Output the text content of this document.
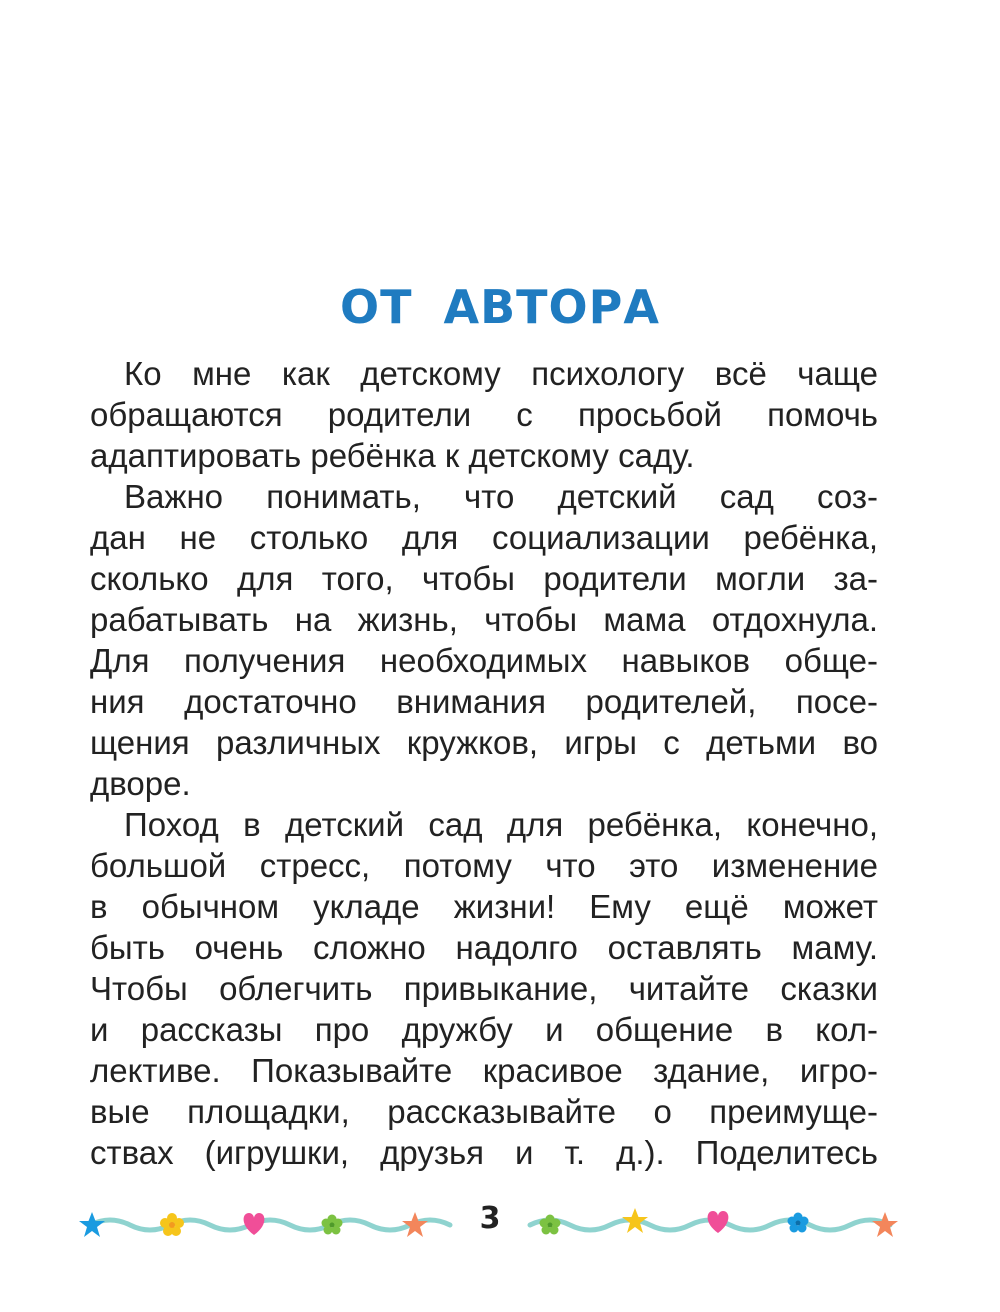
ОТ АВТОРА
Ко мне как детскому психологу всё чаще
обращаются родители с просьбой помочь
адаптировать ребёнка к детскому саду.
Важно понимать, что детский сад соз-
дан не столько для социализации ребёнка,
сколько для того, чтобы родители могли за-
рабатывать на жизнь, чтобы мама отдохнула.
Для получения необходимых навыков обще-
ния достаточно внимания родителей, посе-
щения различных кружков, игры с детьми во
дворе.
Поход в детский сад для ребёнка, конечно,
большой стресс, потому что это изменение
в обычном укладе жизни! Ему ещё может
быть очень сложно надолго оставлять маму.
Чтобы облегчить привыкание, читайте сказки
и рассказы про дружбу и общение в кол-
лективе. Показывайте красивое здание, игро-
вые площадки, рассказывайте о преимуще-
ствах (игрушки, друзья и т. д.). Поделитесь
3
